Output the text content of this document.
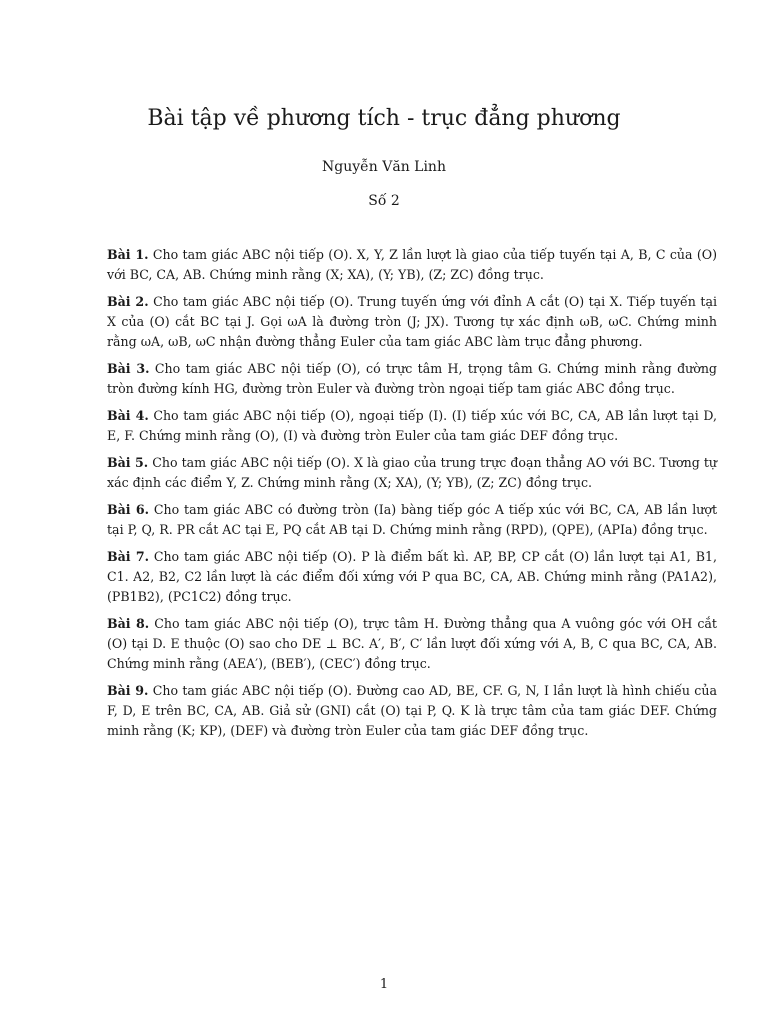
Bài tập về phương tích - trục đẳng phương
Nguyễn Văn Linh
Số 2

Bài 1. Cho tam giác ABC nội tiếp (O). X, Y, Z lần lượt là giao của tiếp tuyến tại A, B, C của (O) với BC, CA, AB. Chứng minh rằng (X; XA), (Y; YB), (Z; ZC) đồng trục.

Bài 2. Cho tam giác ABC nội tiếp (O). Trung tuyến ứng với đỉnh A cắt (O) tại X. Tiếp tuyến tại X của (O) cắt BC tại J. Gọi ωA là đường tròn (J; JX). Tương tự xác định ωB, ωC. Chứng minh rằng ωA, ωB, ωC nhận đường thẳng Euler của tam giác ABC làm trục đẳng phương.

Bài 3. Cho tam giác ABC nội tiếp (O), có trực tâm H, trọng tâm G. Chứng minh rằng đường tròn đường kính HG, đường tròn Euler và đường tròn ngoại tiếp tam giác ABC đồng trục.

Bài 4. Cho tam giác ABC nội tiếp (O), ngoại tiếp (I). (I) tiếp xúc với BC, CA, AB lần lượt tại D, E, F. Chứng minh rằng (O), (I) và đường tròn Euler của tam giác DEF đồng trục.

Bài 5. Cho tam giác ABC nội tiếp (O). X là giao của trung trực đoạn thẳng AO với BC. Tương tự xác định các điểm Y, Z. Chứng minh rằng (X; XA), (Y; YB), (Z; ZC) đồng trục.

Bài 6. Cho tam giác ABC có đường tròn (Ia) bàng tiếp góc A tiếp xúc với BC, CA, AB lần lượt tại P, Q, R. PR cắt AC tại E, PQ cắt AB tại D. Chứng minh rằng (RPD), (QPE), (APIa) đồng trục.

Bài 7. Cho tam giác ABC nội tiếp (O). P là điểm bất kì. AP, BP, CP cắt (O) lần lượt tại A1, B1, C1. A2, B2, C2 lần lượt là các điểm đối xứng với P qua BC, CA, AB. Chứng minh rằng (PA1A2), (PB1B2), (PC1C2) đồng trục.

Bài 8. Cho tam giác ABC nội tiếp (O), trực tâm H. Đường thẳng qua A vuông góc với OH cắt (O) tại D. E thuộc (O) sao cho DE ⊥ BC. A′, B′, C′ lần lượt đối xứng với A, B, C qua BC, CA, AB. Chứng minh rằng (AEA′), (BEB′), (CEC′) đồng trục.

Bài 9. Cho tam giác ABC nội tiếp (O). Đường cao AD, BE, CF. G, N, I lần lượt là hình chiếu của F, D, E trên BC, CA, AB. Giả sử (GNI) cắt (O) tại P, Q. K là trực tâm của tam giác DEF. Chứng minh rằng (K; KP), (DEF) và đường tròn Euler của tam giác DEF đồng trục.

1
